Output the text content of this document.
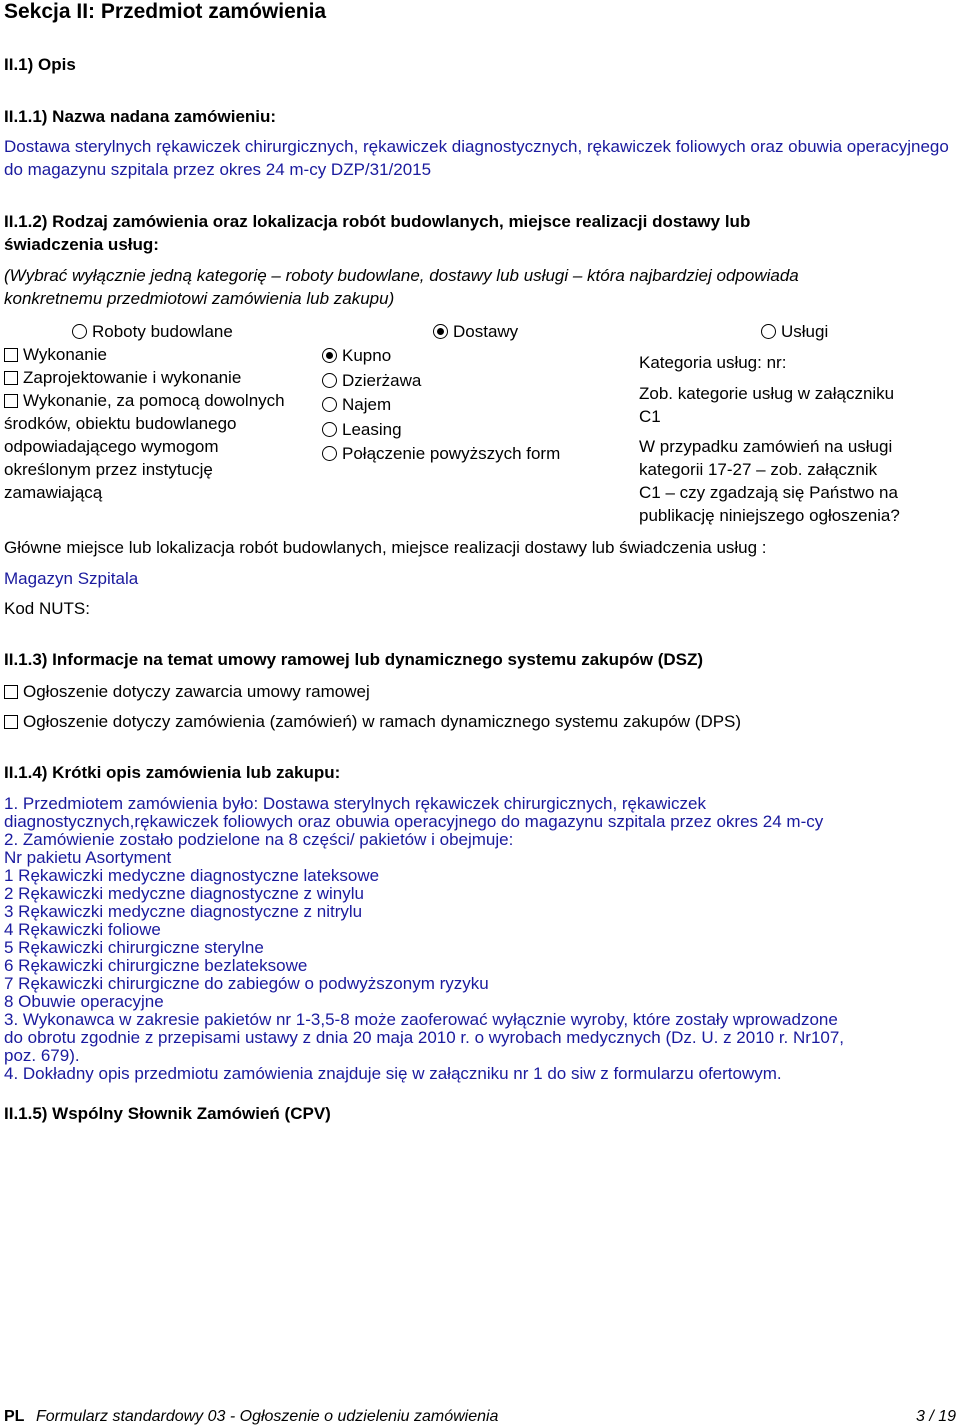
Sekcja II: Przedmiot zamówienia
II.1) Opis
II.1.1) Nazwa nadana zamówieniu:
Dostawa sterylnych rękawiczek chirurgicznych, rękawiczek diagnostycznych, rękawiczek foliowych oraz obuwia operacyjnego do magazynu szpitala przez okres 24 m-cy DZP/31/2015
II.1.2) Rodzaj zamówienia oraz lokalizacja robót budowlanych, miejsce realizacji dostawy lub
świadczenia usług:
(Wybrać wyłącznie jedną kategorię – roboty budowlane, dostawy lub usługi – która najbardziej odpowiada
konkretnemu przedmiotowi zamówienia lub zakupu)
Roboty budowlane	Dostawy	Usługi
Wykonanie
Zaprojektowanie i wykonanie
Wykonanie, za pomocą dowolnych
środków, obiektu budowlanego
odpowiadającego wymogom
określonym przez instytucję
zamawiającą
Kupno
Dzierżawa
Najem
Leasing
Połączenie powyższych form
Kategoria usług: nr:
Zob. kategorie usług w załączniku
C1
W przypadku zamówień na usługi
kategorii 17-27 – zob. załącznik
C1 – czy zgadzają się Państwo na
publikację niniejszego ogłoszenia?
Główne miejsce lub lokalizacja robót budowlanych, miejsce realizacji dostawy lub świadczenia usług :
Magazyn Szpitala
Kod NUTS:
II.1.3) Informacje na temat umowy ramowej lub dynamicznego systemu zakupów (DSZ)
Ogłoszenie dotyczy zawarcia umowy ramowej
Ogłoszenie dotyczy zamówienia (zamówień) w ramach dynamicznego systemu zakupów (DPS)
II.1.4) Krótki opis zamówienia lub zakupu:
1. Przedmiotem zamówienia było: Dostawa sterylnych rękawiczek chirurgicznych, rękawiczek
diagnostycznych,rękawiczek foliowych oraz obuwia operacyjnego do magazynu szpitala przez okres 24 m-cy
2. Zamówienie zostało podzielone na 8 części/ pakietów i obejmuje:
Nr pakietu Asortyment
1 Rękawiczki medyczne diagnostyczne lateksowe
2 Rękawiczki medyczne diagnostyczne z winylu
3 Rękawiczki medyczne diagnostyczne z nitrylu
4 Rękawiczki foliowe
5 Rękawiczki chirurgiczne sterylne
6 Rękawiczki chirurgiczne bezlateksowe
7 Rękawiczki chirurgiczne do zabiegów o podwyższonym ryzyku
8 Obuwie operacyjne
3. Wykonawca w zakresie pakietów nr 1-3,5-8 może zaoferować wyłącznie wyroby, które zostały wprowadzone
do obrotu zgodnie z przepisami ustawy z dnia 20 maja 2010 r. o wyrobach medycznych (Dz. U. z 2010 r. Nr107,
poz. 679).
4. Dokładny opis przedmiotu zamówienia znajduje się w załączniku nr 1 do siw z formularzu ofertowym.
II.1.5) Wspólny Słownik Zamówień (CPV)
PL Formularz standardowy 03 - Ogłoszenie o udzieleniu zamówienia	3 / 19
